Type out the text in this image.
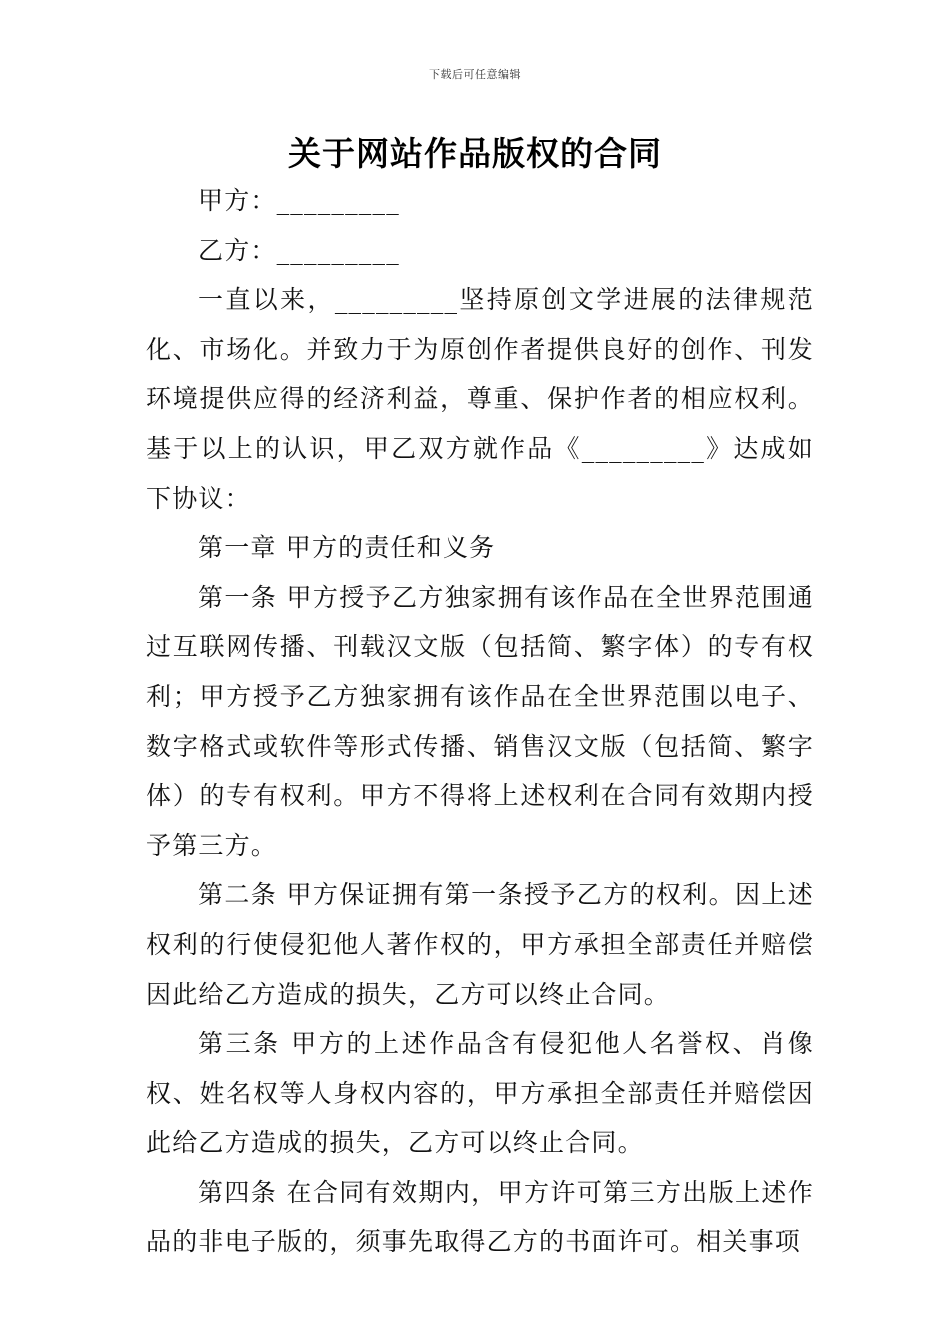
下载后可任意编辑
关于网站作品版权的合同

甲方：_________

乙方：_________

一直以来，_________坚持原创文学进展的法律规范化、市场化。并致力于为原创作者提供良好的创作、刊发环境提供应得的经济利益，尊重、保护作者的相应权利。基于以上的认识，甲乙双方就作品《_________》达成如下协议：

第一章 甲方的责任和义务

第一条 甲方授予乙方独家拥有该作品在全世界范围通过互联网传播、刊载汉文版（包括简、繁字体）的专有权利；甲方授予乙方独家拥有该作品在全世界范围以电子、数字格式或软件等形式传播、销售汉文版（包括简、繁字体）的专有权利。甲方不得将上述权利在合同有效期内授予第三方。

第二条 甲方保证拥有第一条授予乙方的权利。因上述权利的行使侵犯他人著作权的，甲方承担全部责任并赔偿因此给乙方造成的损失，乙方可以终止合同。

第三条 甲方的上述作品含有侵犯他人名誉权、肖像权、姓名权等人身权内容的，甲方承担全部责任并赔偿因此给乙方造成的损失，乙方可以终止合同。

第四条 在合同有效期内，甲方许可第三方出版上述作品的非电子版的，须事先取得乙方的书面许可。相关事项
